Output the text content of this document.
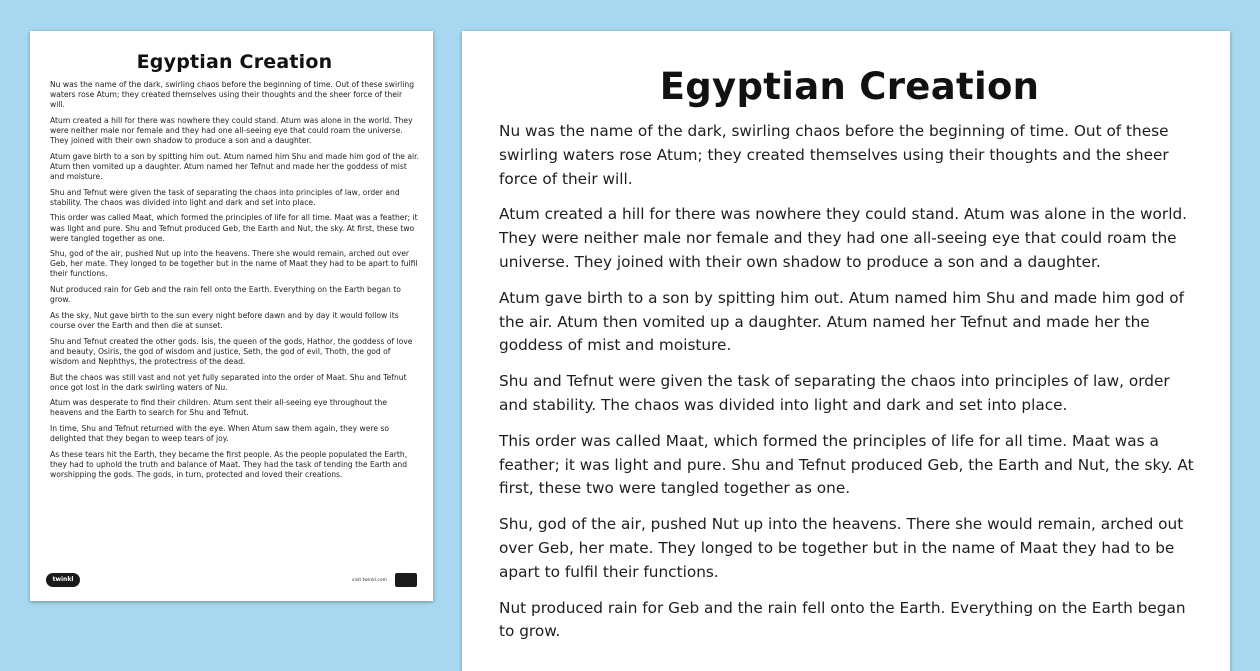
Egyptian Creation

Nu was the name of the dark, swirling chaos before the beginning of time. Out of these swirling waters rose Atum; they created themselves using their thoughts and the sheer force of their will.

Atum created a hill for there was nowhere they could stand. Atum was alone in the world. They were neither male nor female and they had one all-seeing eye that could roam the universe. They joined with their own shadow to produce a son and a daughter.

Atum gave birth to a son by spitting him out. Atum named him Shu and made him god of the air. Atum then vomited up a daughter. Atum named her Tefnut and made her the goddess of mist and moisture.

Shu and Tefnut were given the task of separating the chaos into principles of law, order and stability. The chaos was divided into light and dark and set into place.

This order was called Maat, which formed the principles of life for all time. Maat was a feather; it was light and pure. Shu and Tefnut produced Geb, the Earth and Nut, the sky. At first, these two were tangled together as one.

Shu, god of the air, pushed Nut up into the heavens. There she would remain, arched out over Geb, her mate. They longed to be together but in the name of Maat they had to be apart to fulfil their functions.

Nut produced rain for Geb and the rain fell onto the Earth. Everything on the Earth began to grow.

As the sky, Nut gave birth to the sun every night before dawn and by day it would follow its course over the Earth and then die at sunset.

Shu and Tefnut created the other gods. Isis, the queen of the gods, Hathor, the goddess of love and beauty, Osiris, the god of wisdom and justice, Seth, the god of evil, Thoth, the god of wisdom and Nephthys, the protectress of the dead.

But the chaos was still vast and not yet fully separated into the order of Maat. Shu and Tefnut once got lost in the dark swirling waters of Nu.

Atum was desperate to find their children. Atum sent their all-seeing eye throughout the heavens and the Earth to search for Shu and Tefnut.

In time, Shu and Tefnut returned with the eye. When Atum saw them again, they were so delighted that they began to weep tears of joy.

As these tears hit the Earth, they became the first people. As the people populated the Earth, they had to uphold the truth and balance of Maat. They had the task of tending the Earth and worshipping the gods. The gods, in turn, protected and loved their creations.

twinkl	visit twinkl.com
Egyptian Creation

Nu was the name of the dark, swirling chaos before the beginning of time. Out of these swirling waters rose Atum; they created themselves using their thoughts and the sheer force of their will.

Atum created a hill for there was nowhere they could stand. Atum was alone in the world. They were neither male nor female and they had one all-seeing eye that could roam the universe. They joined with their own shadow to produce a son and a daughter.

Atum gave birth to a son by spitting him out. Atum named him Shu and made him god of the air. Atum then vomited up a daughter. Atum named her Tefnut and made her the goddess of mist and moisture.

Shu and Tefnut were given the task of separating the chaos into principles of law, order and stability. The chaos was divided into light and dark and set into place.

This order was called Maat, which formed the principles of life for all time. Maat was a feather; it was light and pure. Shu and Tefnut produced Geb, the Earth and Nut, the sky. At first, these two were tangled together as one.

Shu, god of the air, pushed Nut up into the heavens. There she would remain, arched out over Geb, her mate. They longed to be together but in the name of Maat they had to be apart to fulfil their functions.

Nut produced rain for Geb and the rain fell onto the Earth. Everything on the Earth began to grow.
